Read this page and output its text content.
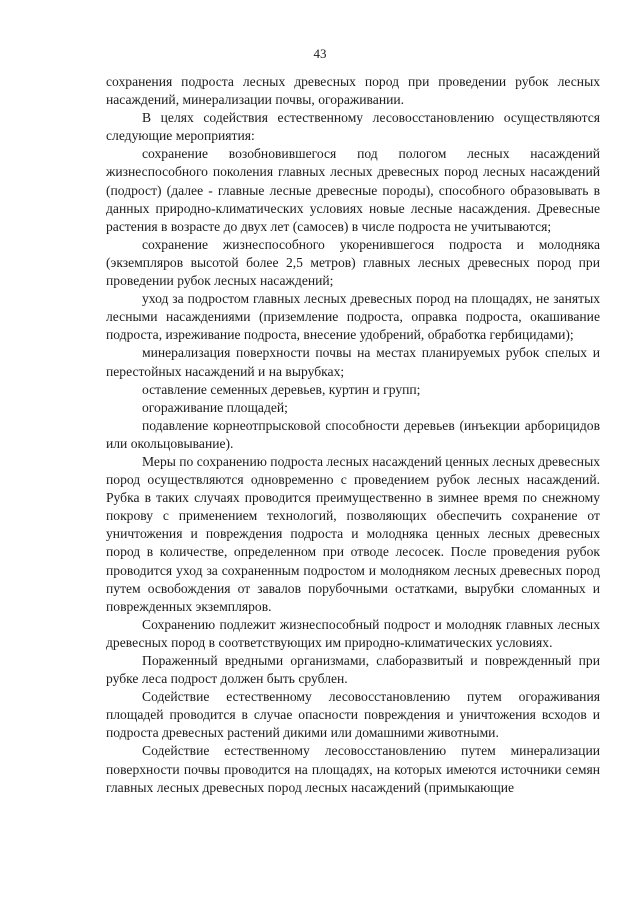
43

сохранения подроста лесных древесных пород при проведении рубок лесных насаждений, минерализации почвы, огораживании.

В целях содействия естественному лесовосстановлению осуществляются следующие мероприятия:

сохранение возобновившегося под пологом лесных насаждений жизнеспособного поколения главных лесных древесных пород лесных насаждений (подрост) (далее - главные лесные древесные породы), способного образовывать в данных природно-климатических условиях новые лесные насаждения. Древесные растения в возрасте до двух лет (самосев) в числе подроста не учитываются;

сохранение жизнеспособного укоренившегося подроста и молодняка (экземпляров высотой более 2,5 метров) главных лесных древесных пород при проведении рубок лесных насаждений;

уход за подростом главных лесных древесных пород на площадях, не занятых лесными насаждениями (приземление подроста, оправка подроста, окашивание подроста, изреживание подроста, внесение удобрений, обработка гербицидами);

минерализация поверхности почвы на местах планируемых рубок спелых и перестойных насаждений и на вырубках;

оставление семенных деревьев, куртин и групп;

огораживание площадей;

подавление корнеотпрысковой способности деревьев (инъекции арборицидов или окольцовывание).

Меры по сохранению подроста лесных насаждений ценных лесных древесных пород осуществляются одновременно с проведением рубок лесных насаждений. Рубка в таких случаях проводится преимущественно в зимнее время по снежному покрову с применением технологий, позволяющих обеспечить сохранение от уничтожения и повреждения подроста и молодняка ценных лесных древесных пород в количестве, определенном при отводе лесосек. После проведения рубок проводится уход за сохраненным подростом и молодняком лесных древесных пород путем освобождения от завалов порубочными остатками, вырубки сломанных и поврежденных экземпляров.

Сохранению подлежит жизнеспособный подрост и молодняк главных лесных древесных пород в соответствующих им природно-климатических условиях.

Пораженный вредными организмами, слаборазвитый и поврежденный при рубке леса подрост должен быть срублен.

Содействие естественному лесовосстановлению путем огораживания площадей проводится в случае опасности повреждения и уничтожения всходов и подроста древесных растений дикими или домашними животными.

Содействие естественному лесовосстановлению путем минерализации поверхности почвы проводится на площадях, на которых имеются источники семян главных лесных древесных пород лесных насаждений (примыкающие
